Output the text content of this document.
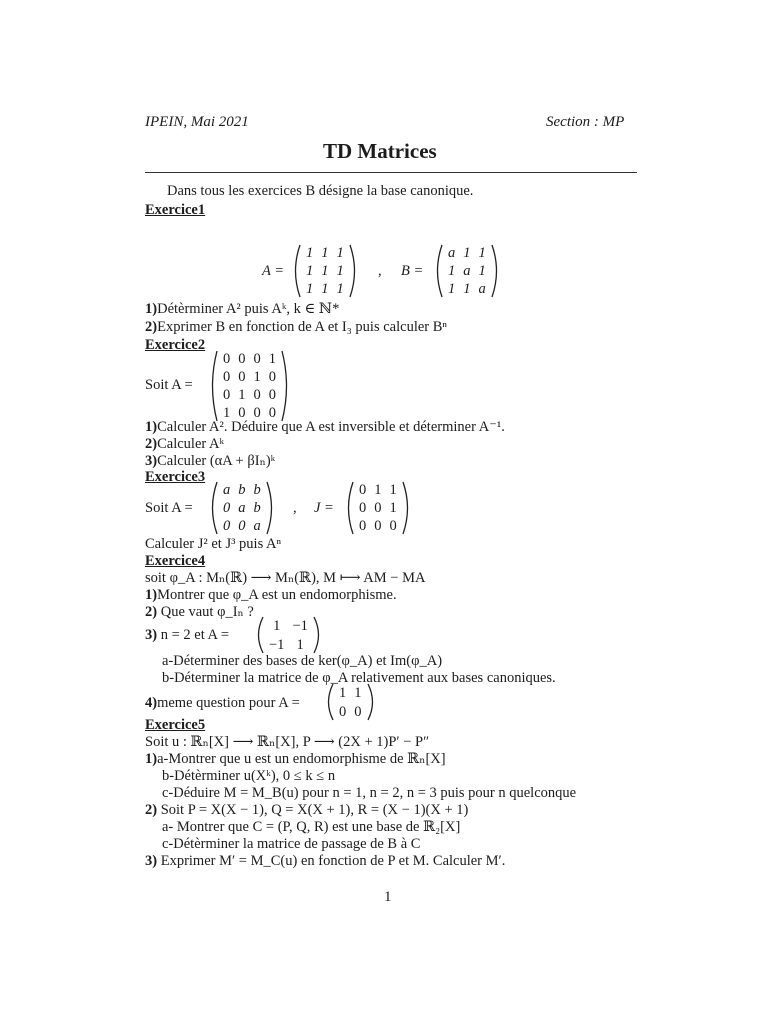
IPEIN, Mai 2021	Section : MP
TD Matrices
Dans tous les exercices B désigne la base canonique.
Exercice1
A =
1	1	1
1	1	1
1	1	1
, B =
a	1	1
1	a	1
1	1	a
1)Détèrminer A² puis Aᵏ, k ∈ ℕ*
2)Exprimer B en fonction de A et I₃ puis calculer Bⁿ
Exercice2
Soit A =
0	0	0	1
0	0	1	0
0	1	0	0
1	0	0	0
1)Calculer A². Déduire que A est inversible et déterminer A⁻¹.
2)Calculer Aᵏ
3)Calculer (αA + βIₙ)ᵏ
Exercice3
Soit A =
a	b	b
0	a	b
0	0	a
, J =
0	1	1
0	0	1
0	0	0
Calculer J² et J³ puis Aⁿ
Exercice4
soit φ_A : Mₙ(ℝ) ⟶ Mₙ(ℝ), M ⟼ AM − MA
1)Montrer que φ_A est un endomorphisme.
2) Que vaut φ_Iₙ ?
3) n = 2 et A =
1	−1
−1	1
a-Déterminer des bases de ker(φ_A) et Im(φ_A)
b-Déterminer la matrice de φ_A relativement aux bases canoniques.
4)meme question pour A =
1	1
0	0
Exercice5
Soit u : ℝₙ[X] ⟶ ℝₙ[X], P ⟶ (2X + 1)P′ − P″
1)a-Montrer que u est un endomorphisme de ℝₙ[X]
b-Détèrminer u(Xᵏ), 0 ≤ k ≤ n
c-Déduire M = M_B(u) pour n = 1, n = 2, n = 3 puis pour n quelconque
2) Soit P = X(X − 1), Q = X(X + 1), R = (X − 1)(X + 1)
a- Montrer que C = (P, Q, R) est une base de ℝ₂[X]
c-Détèrminer la matrice de passage de B à C
3) Exprimer M′ = M_C(u) en fonction de P et M. Calculer M′.
1
